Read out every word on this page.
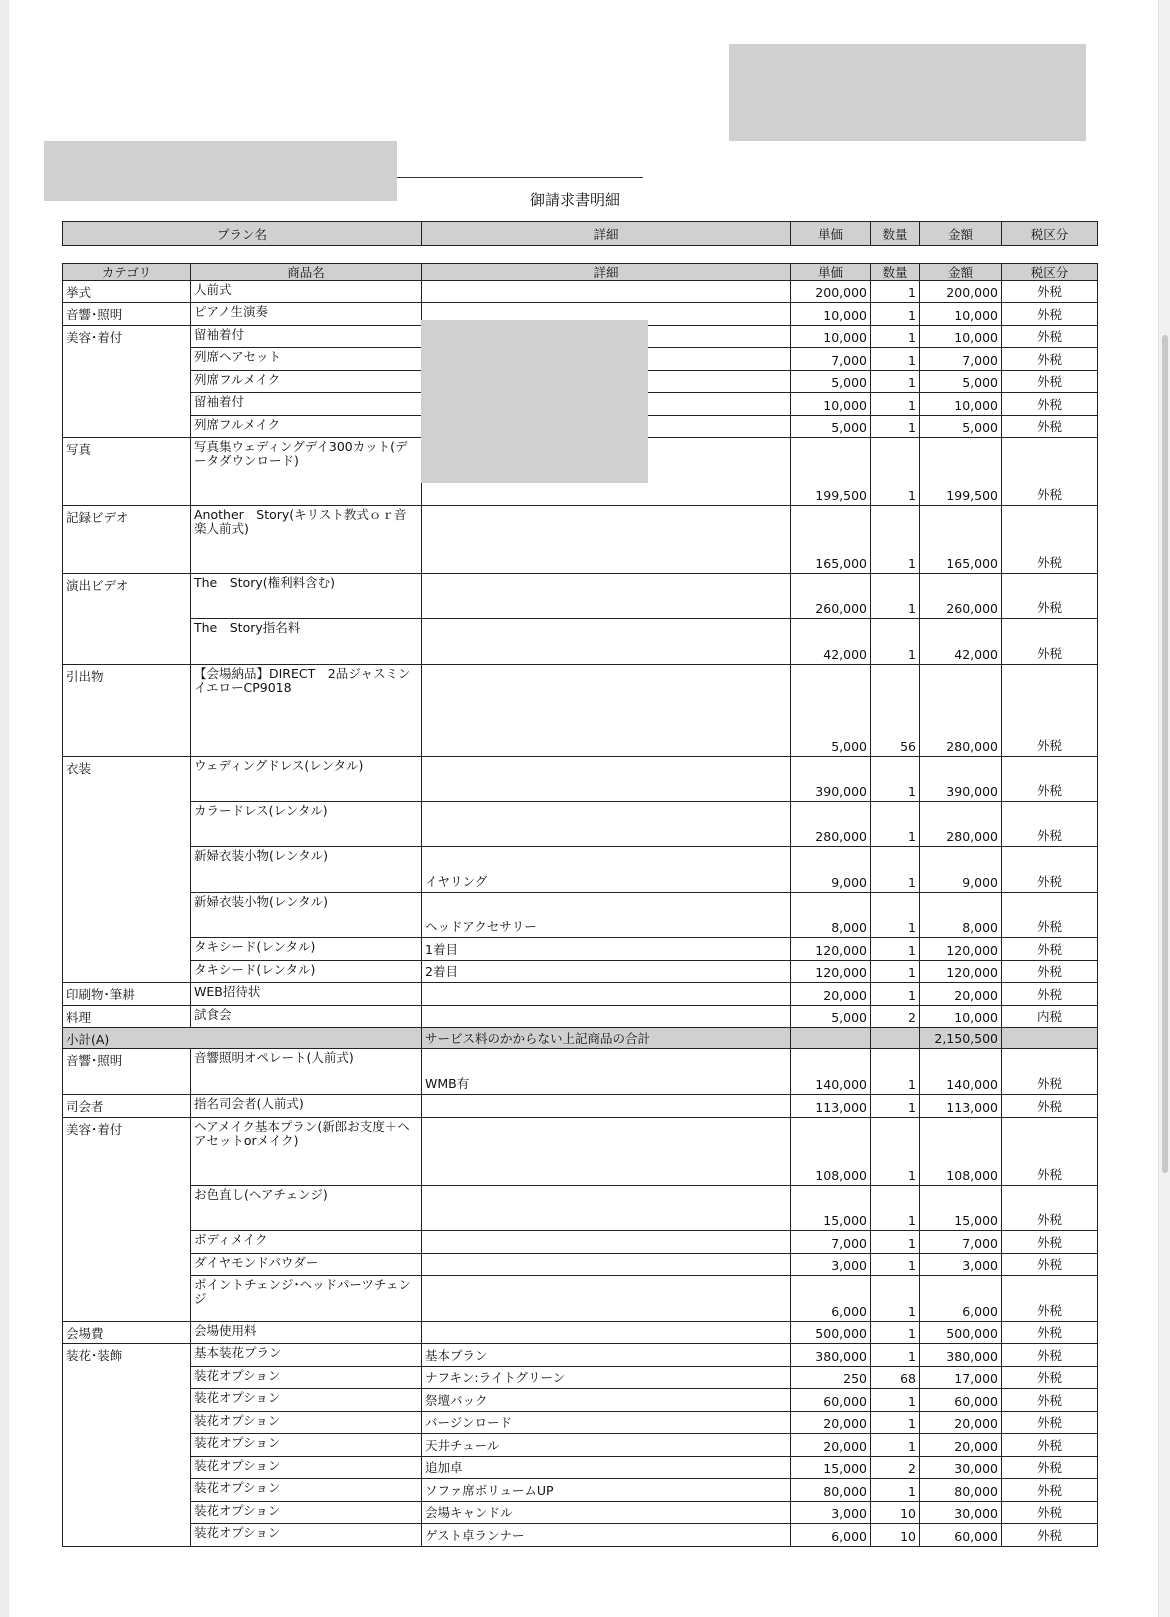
御請求書明細
プラン名	詳細	単価	数量	金額	税区分
カテゴリ	商品名	詳細	単価	数量	金額	税区分
挙式	人前式		200,000	1	200,000	外税
音響･照明	ピアノ生演奏		10,000	1	10,000	外税
美容･着付	留袖着付		10,000	1	10,000	外税
	列席ヘアセット		7,000	1	7,000	外税
	列席フルメイク		5,000	1	5,000	外税
	留袖着付		10,000	1	10,000	外税
	列席フルメイク		5,000	1	5,000	外税
写真	写真集ウェディングデイ300カット(データダウンロード)		199,500	1	199,500	外税
記録ビデオ	Another　Story(キリスト教式ｏｒ音楽人前式)		165,000	1	165,000	外税
演出ビデオ	The　Story(権利料含む)		260,000	1	260,000	外税
	The　Story指名料		42,000	1	42,000	外税
引出物	【会場納品】DIRECT　2品ジャスミンイエローCP9018		5,000	56	280,000	外税
衣装	ウェディングドレス(レンタル)		390,000	1	390,000	外税
	カラードレス(レンタル)		280,000	1	280,000	外税
	新婦衣装小物(レンタル)	イヤリング	9,000	1	9,000	外税
	新婦衣装小物(レンタル)	ヘッドアクセサリー	8,000	1	8,000	外税
	タキシード(レンタル)	1着目	120,000	1	120,000	外税
	タキシード(レンタル)	2着目	120,000	1	120,000	外税
印刷物･筆耕	WEB招待状		20,000	1	20,000	外税
料理	試食会		5,000	2	10,000	内税
小計(A)		サービス料のかからない上記商品の合計			2,150,500	
音響･照明	音響照明オペレート(人前式)	WMB有	140,000	1	140,000	外税
司会者	指名司会者(人前式)		113,000	1	113,000	外税
美容･着付	ヘアメイク基本プラン(新郎お支度＋ヘアセットorメイク)		108,000	1	108,000	外税
	お色直し(ヘアチェンジ)		15,000	1	15,000	外税
	ボディメイク		7,000	1	7,000	外税
	ダイヤモンドパウダー		3,000	1	3,000	外税
	ポイントチェンジ･ヘッドパーツチェンジ		6,000	1	6,000	外税
会場費	会場使用料		500,000	1	500,000	外税
装花･装飾	基本装花プラン	基本プラン	380,000	1	380,000	外税
	装花オプション	ナフキン:ライトグリーン	250	68	17,000	外税
	装花オプション	祭壇バック	60,000	1	60,000	外税
	装花オプション	バージンロード	20,000	1	20,000	外税
	装花オプション	天井チュール	20,000	1	20,000	外税
	装花オプション	追加卓	15,000	2	30,000	外税
	装花オプション	ソファ席ボリュームUP	80,000	1	80,000	外税
	装花オプション	会場キャンドル	3,000	10	30,000	外税
	装花オプション	ゲスト卓ランナー	6,000	10	60,000	外税
